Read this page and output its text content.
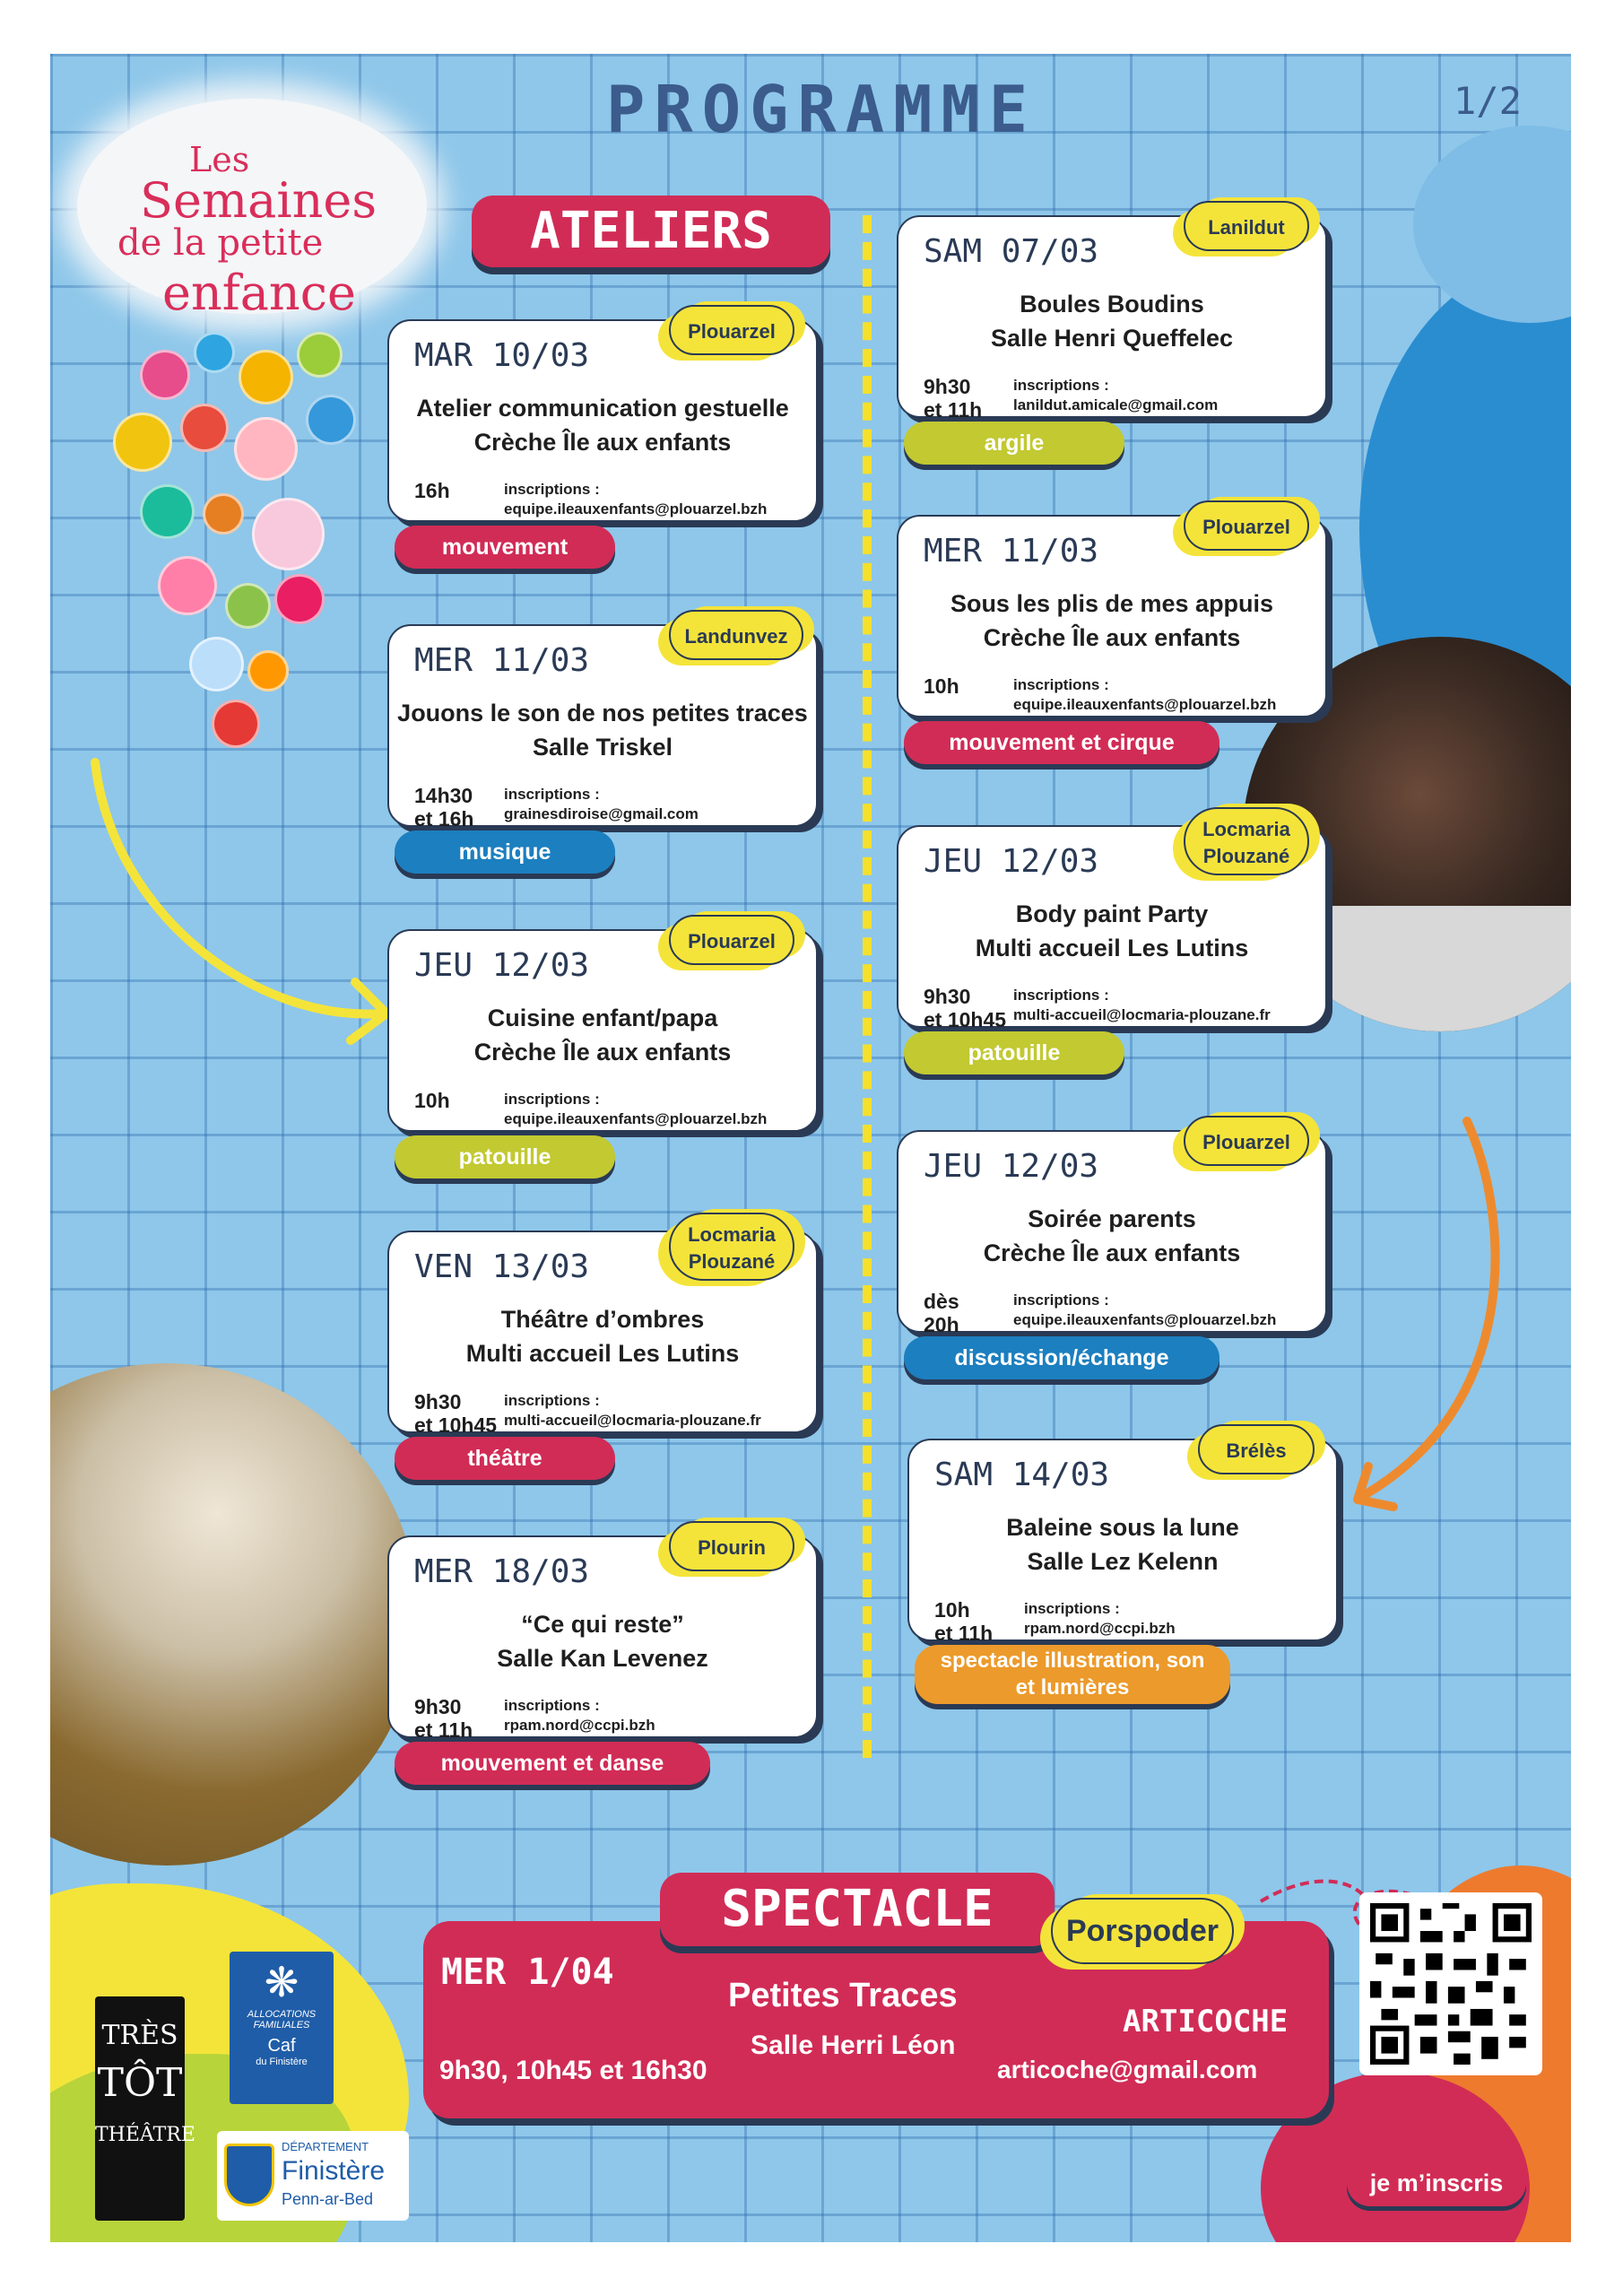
PROGRAMME	1/2
Les
Semaines
de la petite
enfance
ATELIERS
MAR 10/03
Atelier communication gestuelle
Crèche Île aux enfants
16h	inscriptions :
equipe.ileauxenfants@plouarzel.bzh
Plouarzel
mouvement
MER 11/03
Jouons le son de nos petites traces
Salle Triskel
14h30
et 16h
inscriptions :
grainesdiroise@gmail.com
Landunvez
musique
JEU 12/03
Cuisine enfant/papa
Crèche Île aux enfants
10h	inscriptions :
equipe.ileauxenfants@plouarzel.bzh
Plouarzel
patouille
VEN 13/03
Théâtre d’ombres
Multi accueil Les Lutins
9h30
et 10h45
inscriptions :
multi-accueil@locmaria-plouzane.fr
Locmaria
Plouzané
théâtre
MER 18/03
“Ce qui reste”
Salle Kan Levenez
9h30
et 11h
inscriptions :
rpam.nord@ccpi.bzh
Plourin
mouvement et danse
SAM 07/03
Boules Boudins
Salle Henri Queffelec
9h30
et 11h
inscriptions :
lanildut.amicale@gmail.com
Lanildut
argile
MER 11/03
Sous les plis de mes appuis
Crèche Île aux enfants
10h	inscriptions :
equipe.ileauxenfants@plouarzel.bzh
Plouarzel
mouvement et cirque
JEU 12/03
Body paint Party
Multi accueil Les Lutins
9h30
et 10h45
inscriptions :
multi-accueil@locmaria-plouzane.fr
Locmaria
Plouzané
patouille
JEU 12/03
Soirée parents
Crèche Île aux enfants
dès
20h
inscriptions :
equipe.ileauxenfants@plouarzel.bzh
Plouarzel
discussion/échange
SAM 14/03
Baleine sous la lune
Salle Lez Kelenn
10h
et 11h
inscriptions :
rpam.nord@ccpi.bzh
Brélès
spectacle illustration, son et lumières
SPECTACLE
MER 1/04
Petites Traces
Salle Herri Léon
9h30, 10h45 et 16h30
ARTICOCHE
articoche@gmail.com
Porspoder
je m’inscris
TRÈS
TÔT
THÉÂTRE
❋
ALLOCATIONS
FAMILIALES
Caf
du Finistère
DÉPARTEMENT
Finistère
Penn-ar-Bed
